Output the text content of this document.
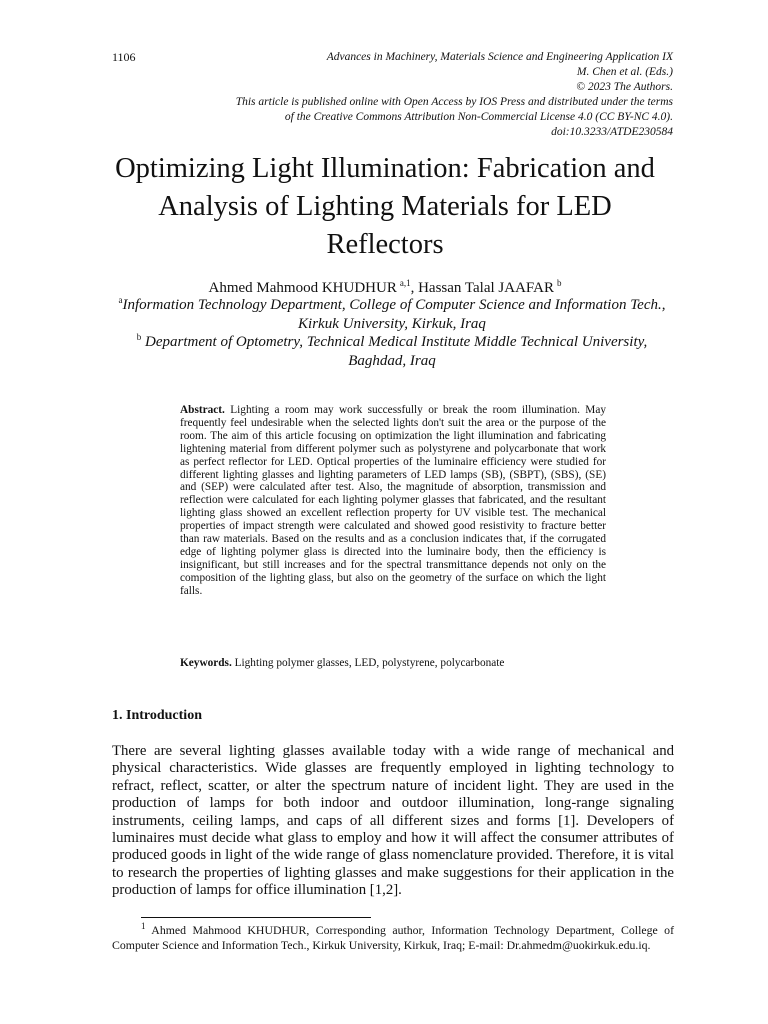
1106	Advances in Machinery, Materials Science and Engineering Application IX
M. Chen et al. (Eds.)
© 2023 The Authors.
This article is published online with Open Access by IOS Press and distributed under the terms
of the Creative Commons Attribution Non-Commercial License 4.0 (CC BY-NC 4.0).
doi:10.3233/ATDE230584
Optimizing Light Illumination: Fabrication and Analysis of Lighting Materials for LED Reflectors
Ahmed Mahmood KHUDHUR  $^{a,1}$, Hassan Talal JAAFAR  $^b$
$^a$Information Technology Department, College of Computer Science and Information Tech., Kirkuk University, Kirkuk, Iraq
$^b$ Department of Optometry, Technical Medical Institute Middle Technical University, Baghdad, Iraq
Abstract. Lighting a room may work successfully or break the room illumination. May frequently feel undesirable when the selected lights don't suit the area or the purpose of the room. The aim of this article focusing on optimization the light illumination and fabricating lightening material from different polymer such as polystyrene and polycarbonate that work as perfect reflector for LED. Optical properties of the luminaire efficiency were studied for different lighting glasses and lighting parameters of LED lamps (SB), (SBPT), (SBS), (SE) and (SEP) were calculated after test. Also, the magnitude of absorption, transmission and reflection were calculated for each lighting polymer glasses that fabricated, and the resultant lighting glass showed an excellent reflection property for UV visible test. The mechanical properties of impact strength were calculated and showed good resistivity to fracture better than raw materials. Based on the results and as a conclusion indicates that, if the corrugated edge of lighting polymer glass is directed into the luminaire body, then the efficiency is insignificant, but still increases and for the spectral transmittance depends not only on the composition of the lighting glass, but also on the geometry of the surface on which the light falls.
Keywords. Lighting polymer glasses, LED, polystyrene, polycarbonate
1. Introduction

There are several lighting glasses available today with a wide range of mechanical and physical characteristics. Wide glasses are frequently employed in lighting technology to refract, reflect, scatter, or alter the spectrum nature of incident light. They are used in the production of lamps for both indoor and outdoor illumination, long-range signaling instruments, ceiling lamps, and caps of all different sizes and forms [1]. Developers of luminaires must decide what glass to employ and how it will affect the consumer attributes of produced goods in light of the wide range of glass nomenclature provided. Therefore, it is vital to research the properties of lighting glasses and make suggestions for their application in the production of lamps for office illumination [1,2].

$^1$ Ahmed Mahmood KHUDHUR, Corresponding author, Information Technology Department, College of Computer Science and Information Tech., Kirkuk University, Kirkuk, Iraq; E-mail: Dr.ahmedm@uokirkuk.edu.iq.
